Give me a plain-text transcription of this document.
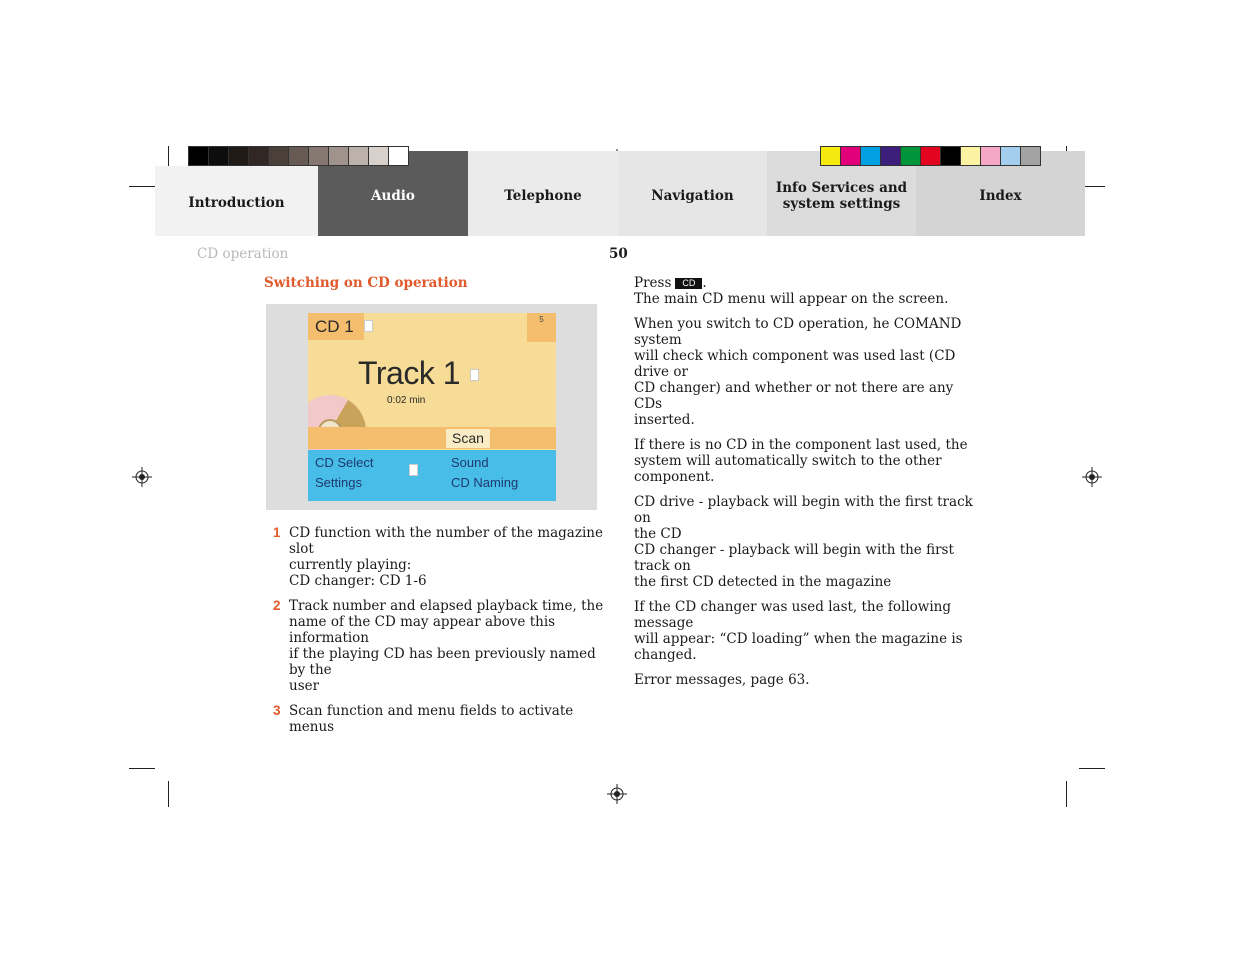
Introduction	Audio	Telephone	Navigation	Info Services and
system settings	Index
CD operation	50
Switching on CD operation
CD 1	5
Track 1
0:02 min
Scan
CD Select
Settings
Sound
CD Naming
1 CD function with the number of the magazine slot
currently playing:
CD changer: CD 1-6
2 Track number and elapsed playback time, the
name of the CD may appear above this information
if the playing CD has been previously named by the
user
3 Scan function and menu fields to activate menus

Press CD .

The main CD menu will appear on the screen.

When you switch to CD operation, he COMAND system
will check which component was used last (CD drive or
CD changer) and whether or not there are any CDs
inserted.

If there is no CD in the component last used, the
system will automatically switch to the other
component.

CD drive - playback will begin with the first track on
the CD
CD changer - playback will begin with the first track on
the first CD detected in the magazine

If the CD changer was used last, the following message
will appear: “CD loading” when the magazine is
changed.

Error messages, page 63.
